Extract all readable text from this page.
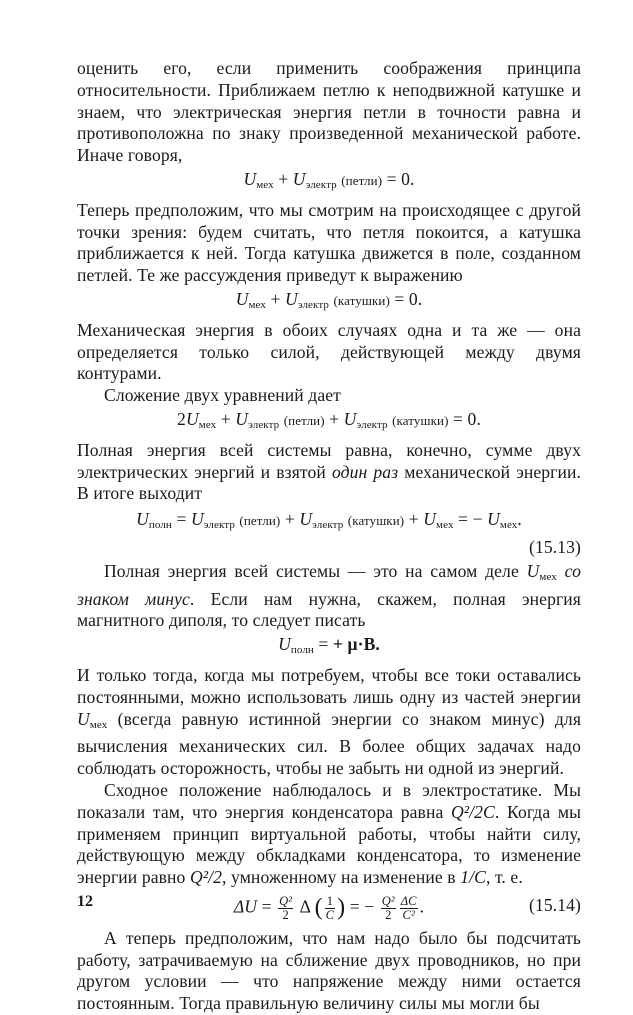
оценить его, если применить соображения принципа относительности. Приближаем петлю к неподвижной катушке и знаем, что электрическая энергия петли в точности равна и противоположна по знаку произведенной механической работе. Иначе говоря,

$U_{мех} + U_{электр}$ (петли) = 0.

Теперь предположим, что мы смотрим на происходящее с другой точки зрения: будем считать, что петля покоится, а катушка приближается к ней. Тогда катушка движется в поле, созданном петлей. Те же рассуждения приведут к выражению

$U_{мех} + U_{электр}$ (катушки) = 0.

Механическая энергия в обоих случаях одна и та же — она определяется только силой, действующей между двумя контурами.

Сложение двух уравнений дает

$2U_{мех} + U_{электр}$ (петли) + $U_{электр}$ (катушки) = 0.

Полная энергия всей системы равна, конечно, сумме двух электрических энергий и взятой один раз механической энергии. В итоге выходит

$U_{полн} = U_{электр}$ (петли) + $U_{электр}$ (катушки) + $U_{мех}$ = − $U_{мех}$.
(15.13)

Полная энергия всей системы — это на самом деле $U_{мех}$ со знаком минус. Если нам нужна, скажем, полная энергия магнитного диполя, то следует писать

$U_{полн}$ = + μ·B.

И только тогда, когда мы потребуем, чтобы все токи оставались постоянными, можно использовать лишь одну из частей энергии $U_{мех}$ (всегда равную истинной энергии со знаком минус) для вычисления механических сил. В более общих задачах надо соблюдать осторожность, чтобы не забыть ни одной из энергий.

Сходное положение наблюдалось и в электростатике. Мы показали там, что энергия конденсатора равна Q²/2C. Когда мы применяем принцип виртуальной работы, чтобы найти силу, действующую между обкладками конденсатора, то изменение энергии равно Q²/2, умноженному на изменение в 1/C, т. е.

$\Delta U = \frac{\text{Q²}}{2}$ Δ ( $\frac{1}{C}$ ) = − $\frac{\text{Q²}}{2} \frac{\Delta C}{\text{C²}}$ .	(15.14)

А теперь предположим, что нам надо было бы подсчитать работу, затрачиваемую на сближение двух проводников, но при другом условии — что напряжение между ними остается постоянным. Тогда правильную величину силы мы могли бы

12
